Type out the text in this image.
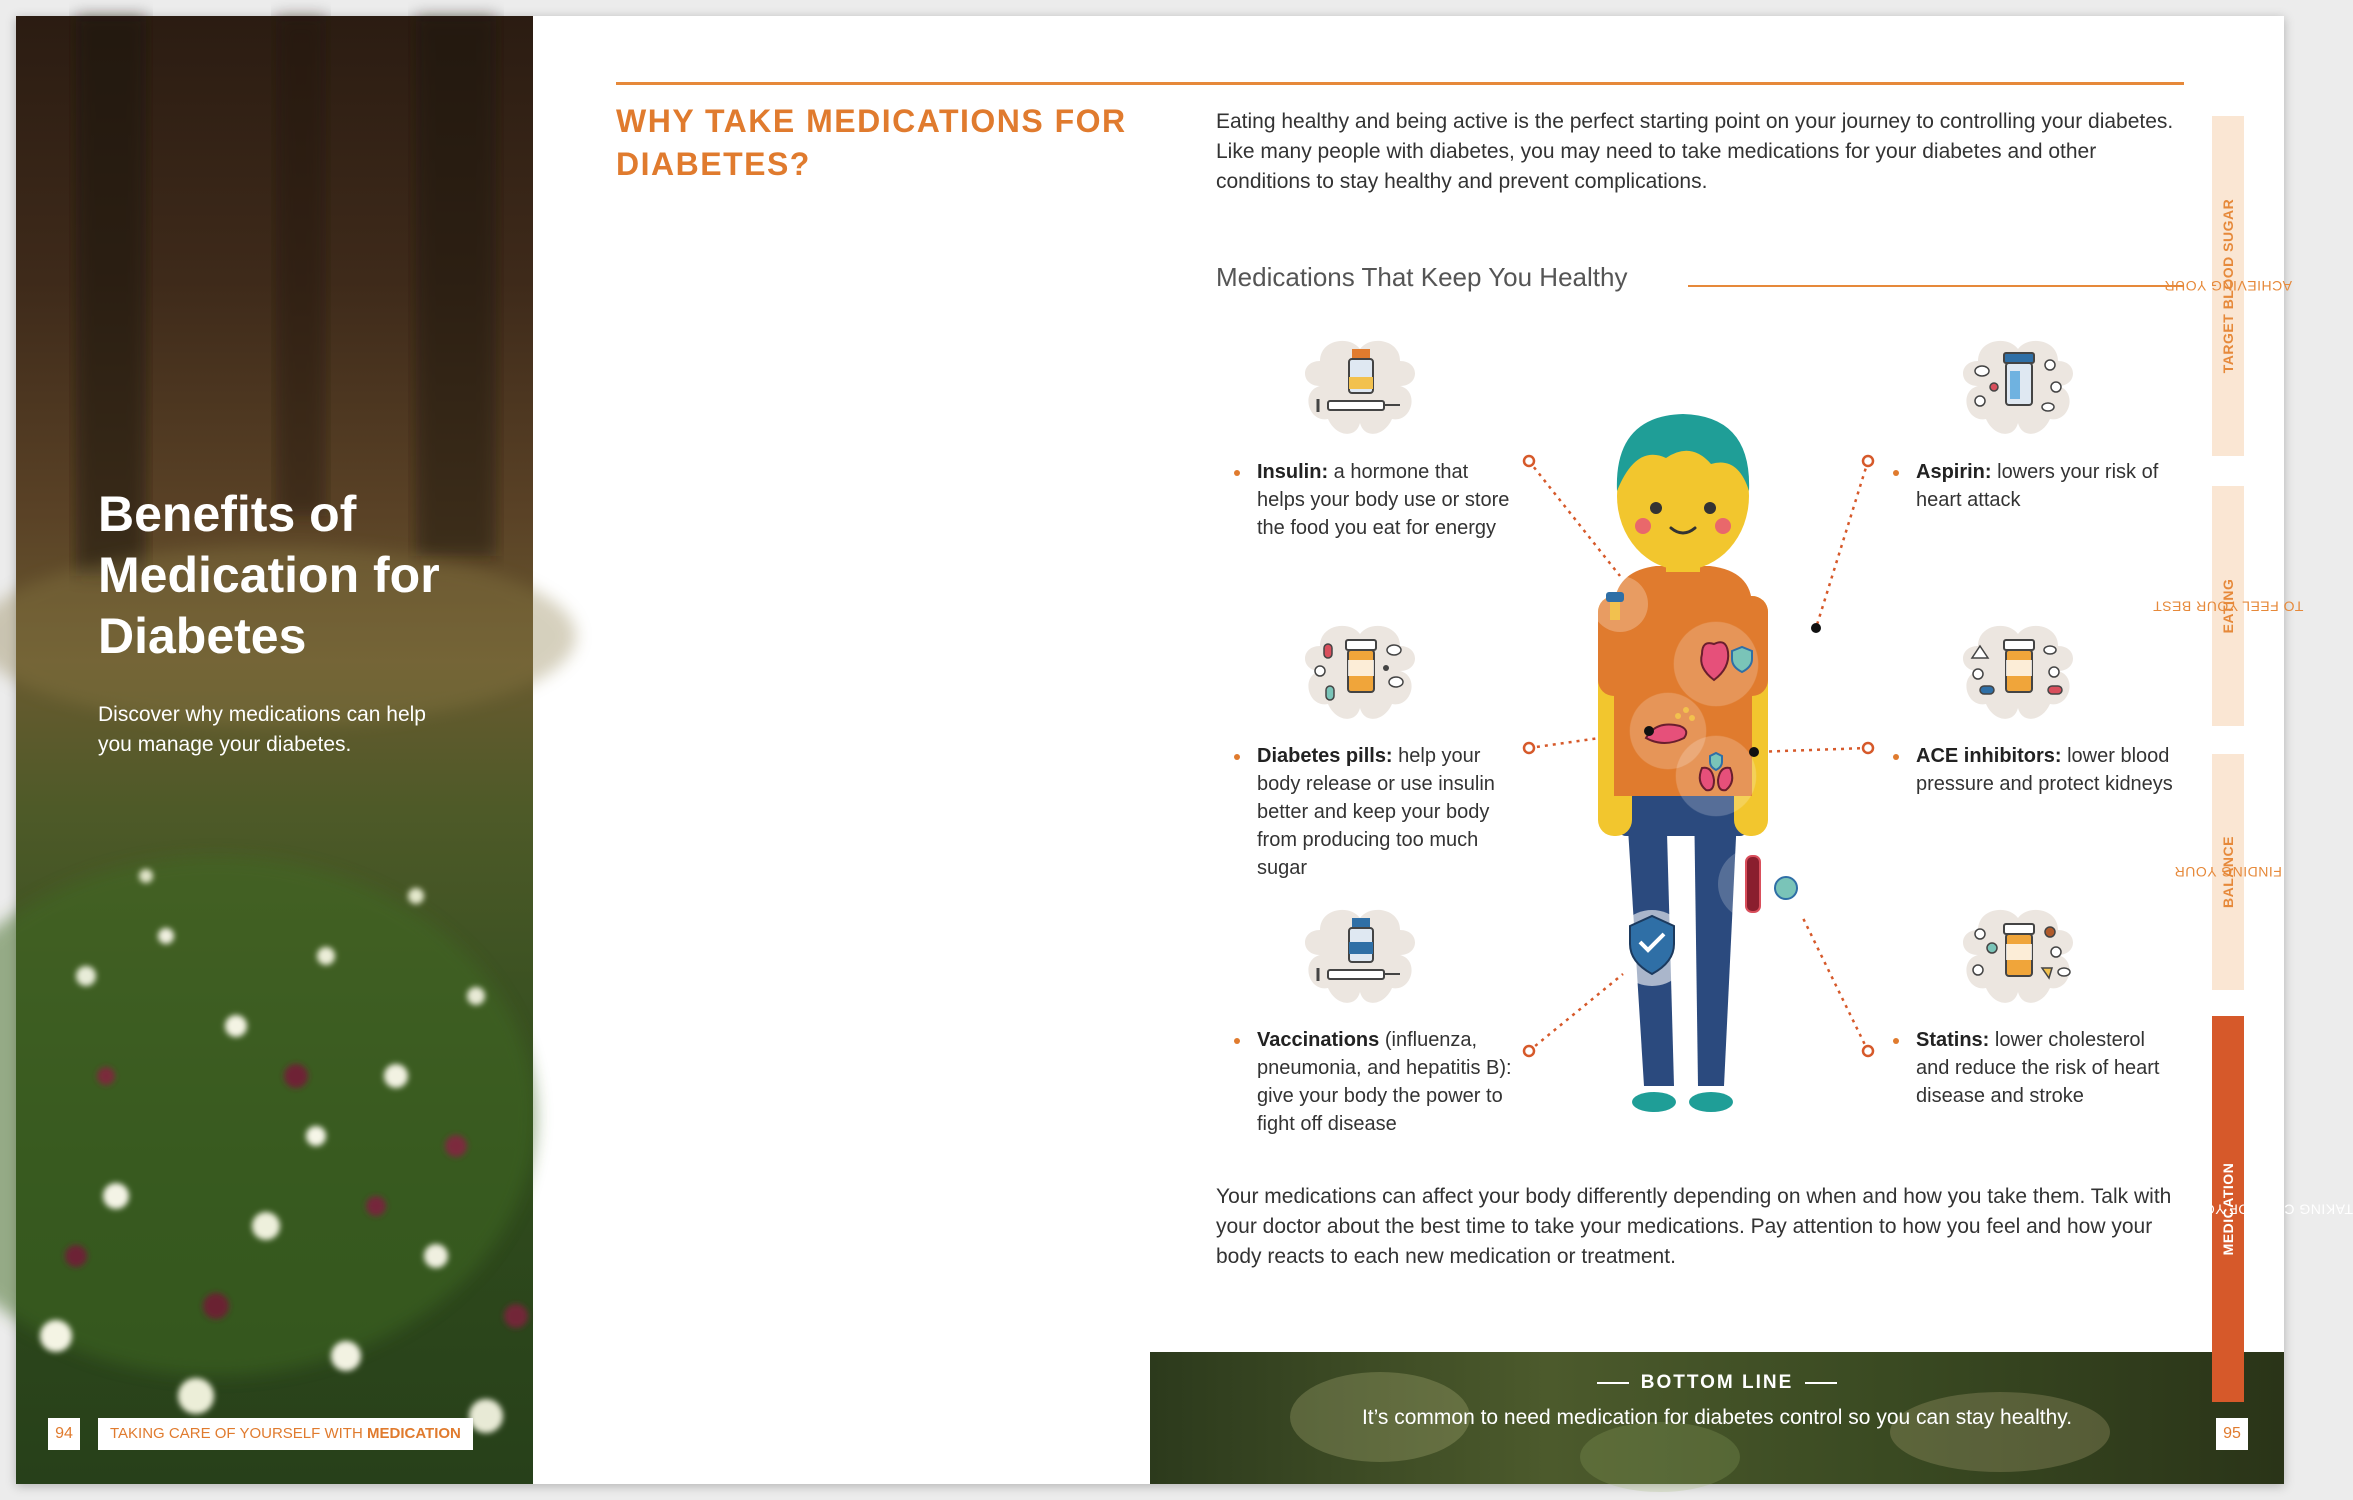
Benefits of Medication for Diabetes
Discover why medications can help you manage your diabetes.
94	TAKING CARE OF YOURSELF WITH MEDICATION
WHY TAKE MEDICATIONS FOR DIABETES?
Eating healthy and being active is the perfect starting point on your journey to controlling your diabetes. Like many people with diabetes, you may need to take medications for your diabetes and other conditions to stay healthy and prevent complications.
Medications That Keep You Healthy
Insulin: a hormone that helps your body use or store the food you eat for energy
Diabetes pills: help your body release or use insulin better and keep your body from producing too much sugar
Vaccinations (influenza, pneumonia, and hepatitis B): give your body the power to fight off disease
Aspirin: lowers your risk of heart attack
ACE inhibitors: lower blood pressure and protect kidneys
Statins: lower cholesterol and reduce the risk of heart disease and stroke
Your medications can affect your body differently depending on when and how you take them. Talk with your doctor about the best time to take your medications. Pay attention to how you feel and how your body reacts to each new medication or treatment.
BOTTOM LINE
It’s common to need medication for diabetes control so you can stay healthy.
95
ACHIEVING YOUR
TARGET BLOOD SUGAR
EATING
TO FEEL YOUR BEST
FINDING YOUR
BALANCE
TAKING CARE OF YOURSELF WITH
MEDICATION
